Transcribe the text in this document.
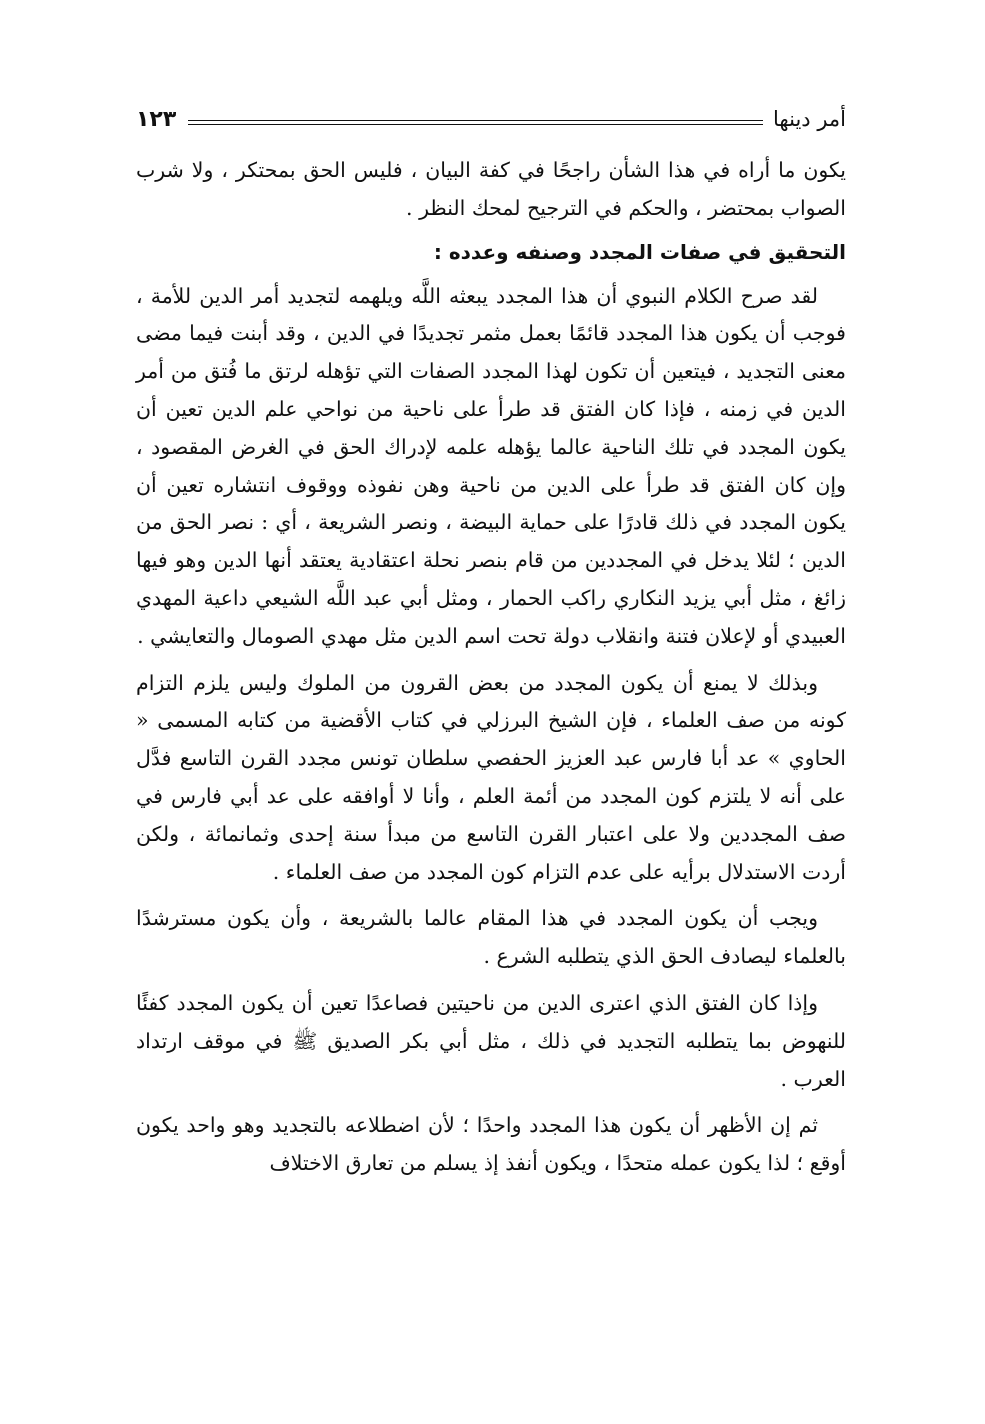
أمر دينها
١٢٣

يكون ما أراه في هذا الشأن راجحًا في كفة البيان ، فليس الحق بمحتكر ، ولا شرب الصواب بمحتضر ، والحكم في الترجيح لمحك النظر .

التحقيق في صفات المجدد وصنفه وعدده :

لقد صرح الكلام النبوي أن هذا المجدد يبعثه اللَّه ويلهمه لتجديد أمر الدين للأمة ، فوجب أن يكون هذا المجدد قائمًا بعمل مثمر تجديدًا في الدين ، وقد أبنت فيما مضى معنى التجديد ، فيتعين أن تكون لهذا المجدد الصفات التي تؤهله لرتق ما فُتق من أمر الدين في زمنه ، فإذا كان الفتق قد طرأ على ناحية من نواحي علم الدين تعين أن يكون المجدد في تلك الناحية عالما يؤهله علمه لإدراك الحق في الغرض المقصود ، وإن كان الفتق قد طرأ على الدين من ناحية وهن نفوذه ووقوف انتشاره تعين أن يكون المجدد في ذلك قادرًا على حماية البيضة ، ونصر الشريعة ، أي : نصر الحق من الدين ؛ لئلا يدخل في المجددين من قام بنصر نحلة اعتقادية يعتقد أنها الدين وهو فيها زائغ ، مثل أبي يزيد النكاري راكب الحمار ، ومثل أبي عبد اللَّه الشيعي داعية المهدي العبيدي أو لإعلان فتنة وانقلاب دولة تحت اسم الدين مثل مهدي الصومال والتعايشي .

وبذلك لا يمنع أن يكون المجدد من بعض القرون من الملوك وليس يلزم التزام كونه من صف العلماء ، فإن الشيخ البرزلي في كتاب الأقضية من كتابه المسمى « الحاوي » عد أبا فارس عبد العزيز الحفصي سلطان تونس مجدد القرن التاسع فدَّل على أنه لا يلتزم كون المجدد من أئمة العلم ، وأنا لا أوافقه على عد أبي فارس في صف المجددين ولا على اعتبار القرن التاسع من مبدأ سنة إحدى وثمانمائة ، ولكن أردت الاستدلال برأيه على عدم التزام كون المجدد من صف العلماء .

ويجب أن يكون المجدد في هذا المقام عالما بالشريعة ، وأن يكون مسترشدًا بالعلماء ليصادف الحق الذي يتطلبه الشرع .

وإذا كان الفتق الذي اعترى الدين من ناحيتين فصاعدًا تعين أن يكون المجدد كفئًا للنهوض بما يتطلبه التجديد في ذلك ، مثل أبي بكر الصديق ﷺ في موقف ارتداد العرب .

ثم إن الأظهر أن يكون هذا المجدد واحدًا ؛ لأن اضطلاعه بالتجديد وهو واحد يكون أوقع ؛ لذا يكون عمله متحدًا ، ويكون أنفذ إذ يسلم من تعارق الاختلاف
